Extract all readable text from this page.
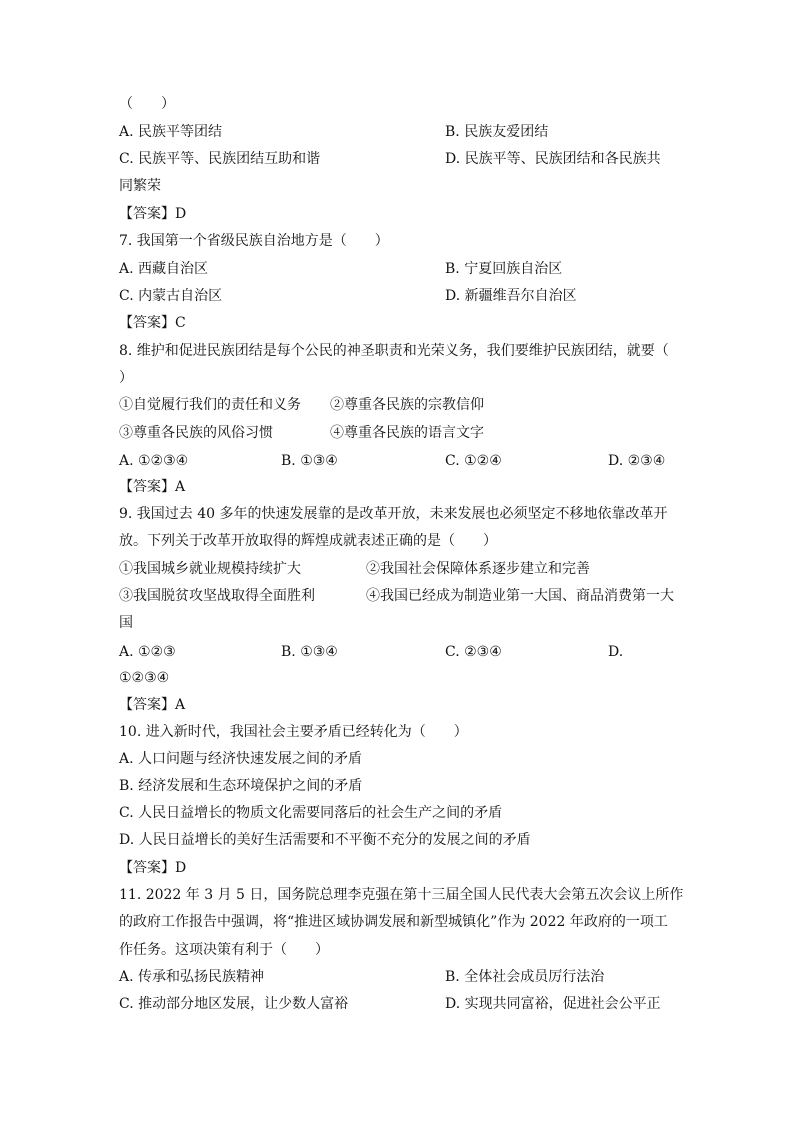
（　　）
A. 民族平等团结	B. 民族友爱团结
C. 民族平等、民族团结互助和谐	D. 民族平等、民族团结和各民族共
同繁荣
【答案】D
7. 我国第一个省级民族自治地方是（　　）
A. 西藏自治区	B. 宁夏回族自治区
C. 内蒙古自治区	D. 新疆维吾尔自治区
【答案】C
8. 维护和促进民族团结是每个公民的神圣职责和光荣义务，我们要维护民族团结，就要（
）
①自觉履行我们的责任和义务 ②尊重各民族的宗教信仰
③尊重各民族的风俗习惯	④尊重各民族的语言文字
A. ①②③④	B. ①③④	C. ①②④	D. ②③④
【答案】A
9. 我国过去 40 多年的快速发展靠的是改革开放，未来发展也必须坚定不移地依靠改革开
放。下列关于改革开放取得的辉煌成就表述正确的是（　　）
①我国城乡就业规模持续扩大	②我国社会保障体系逐步建立和完善
③我国脱贫攻坚战取得全面胜利	④我国已经成为制造业第一大国、商品消费第一大
国
A. ①②③	B. ①③④	C. ②③④	D.
①②③④
【答案】A
10. 进入新时代，我国社会主要矛盾已经转化为（　　）
A. 人口问题与经济快速发展之间的矛盾
B. 经济发展和生态环境保护之间的矛盾
C. 人民日益增长的物质文化需要同落后的社会生产之间的矛盾
D. 人民日益增长的美好生活需要和不平衡不充分的发展之间的矛盾
【答案】D
11. 2022 年 3 月 5 日，国务院总理李克强在第十三届全国人民代表大会第五次会议上所作
的政府工作报告中强调，将“推进区域协调发展和新型城镇化”作为 2022 年政府的一项工
作任务。这项决策有利于（　　）
A. 传承和弘扬民族精神	B. 全体社会成员厉行法治
C. 推动部分地区发展，让少数人富裕	D. 实现共同富裕，促进社会公平正
